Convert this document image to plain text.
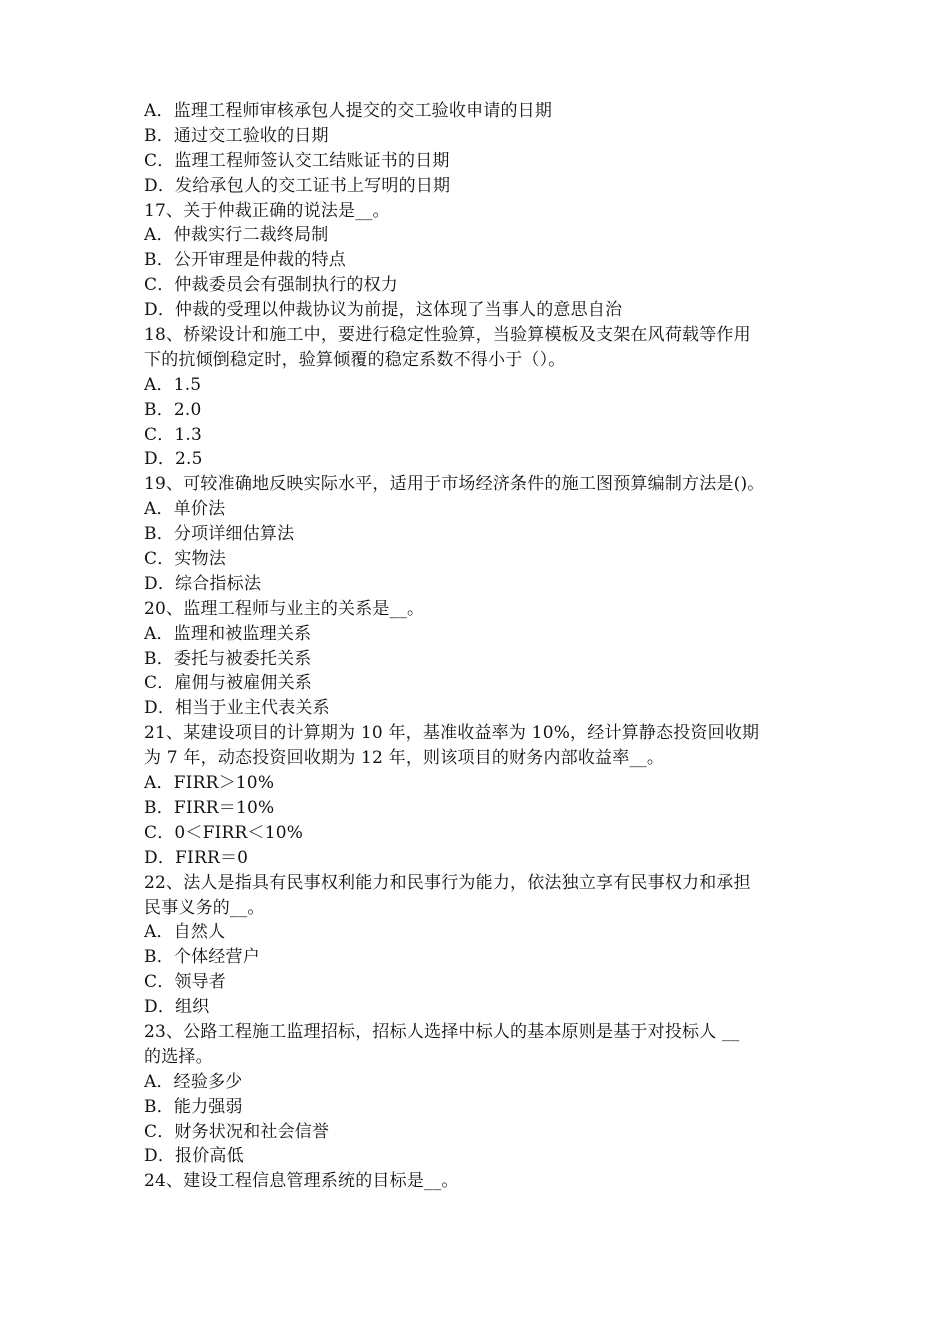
A．监理工程师审核承包人提交的交工验收申请的日期
B．通过交工验收的日期
C．监理工程师签认交工结账证书的日期
D．发给承包人的交工证书上写明的日期
17、关于仲裁正确的说法是__。
A．仲裁实行二裁终局制
B．公开审理是仲裁的特点
C．仲裁委员会有强制执行的权力
D．仲裁的受理以仲裁协议为前提，这体现了当事人的意思自治
18、桥梁设计和施工中，要进行稳定性验算，当验算模板及支架在风荷载等作用
下的抗倾倒稳定时，验算倾覆的稳定系数不得小于（）。
A．1.5
B．2.0
C．1.3
D．2.5
19、可较准确地反映实际水平，适用于市场经济条件的施工图预算编制方法是()。
A．单价法
B．分项详细估算法
C．实物法
D．综合指标法
20、监理工程师与业主的关系是__。
A．监理和被监理关系
B．委托与被委托关系
C．雇佣与被雇佣关系
D．相当于业主代表关系
21、某建设项目的计算期为 10 年，基准收益率为 10%，经计算静态投资回收期
为 7 年，动态投资回收期为 12 年，则该项目的财务内部收益率__。
A．FIRR＞10%
B．FIRR＝10%
C．0＜FIRR＜10%
D．FIRR＝0
22、法人是指具有民事权利能力和民事行为能力，依法独立享有民事权力和承担
民事义务的__。
A．自然人
B．个体经营户
C．领导者
D．组织
23、公路工程施工监理招标，招标人选择中标人的基本原则是基于对投标人 __
的选择。
A．经验多少
B．能力强弱
C．财务状况和社会信誉
D．报价高低
24、建设工程信息管理系统的目标是__。
